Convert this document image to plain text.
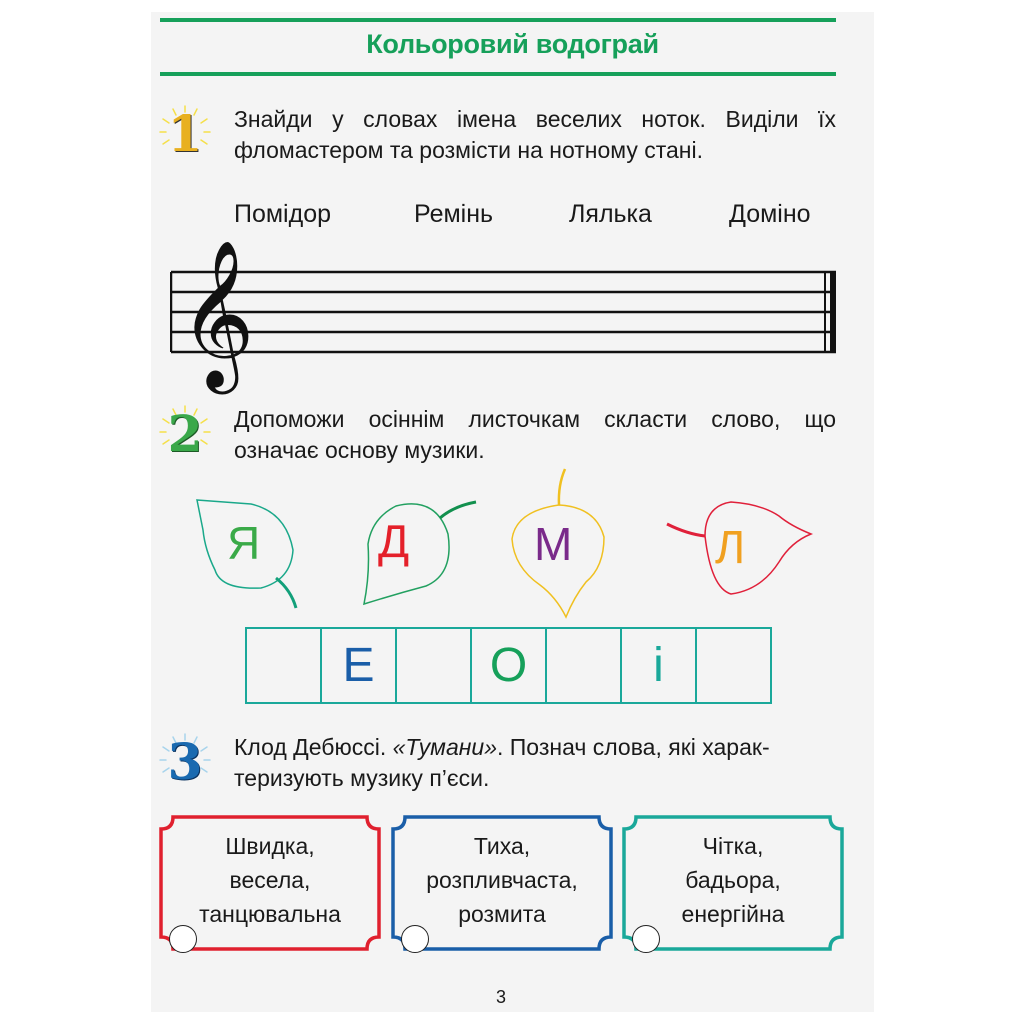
Кольоровий водограй
1	Знайди у словах імена веселих ноток. Виділи їх фломастером та розмісти на нотному стані.
Помідор	Ремінь	Лялька	Доміно
𝄞
2	Допоможи осіннім листочкам скласти слово, що означає основу музики.
Я	Д	М	Л
Е О	і
3	Клод Дебюссі. «Тумани». Познач слова, які харак-
теризують музику п’єси.
Швидка,
весела,
танцювальна
Тиха,
розпливчаста,
розмита
Чітка,
бадьора,
енергійна
3
